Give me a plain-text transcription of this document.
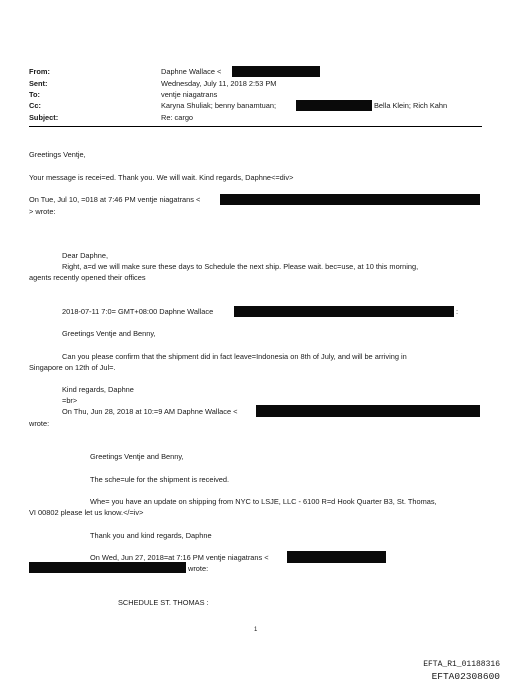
From:
Sent:
To:
Cc:
Subject:
Daphne Wallace <
Wednesday, July 11, 2018 2:53 PM
ventje niagatrans
Karyna Shuliak; benny banamtuan;	Bella Klein; Rich Kahn
Re: cargo
Greetings Ventje,
Your message is recei=ed. Thank you. We will wait. Kind regards, Daphne<=div>
On Tue, Jul 10, =018 at 7:46 PM ventje niagatrans <
> wrote:
Dear Daphne,
Right, a=d we will make sure these days to Schedule the next ship. Please wait. bec=use, at 10 this morning,
agents recently opened their offices
2018-07-11 7:0= GMT+08:00 Daphne Wallace	:
Greetings Ventje and Benny,
Can you please confirm that the shipment did in fact leave=Indonesia on 8th of July, and will be arriving in
Singapore on 12th of Jul=.
Kind regards, Daphne
=br>
On Thu, Jun 28, 2018 at 10:=9 AM Daphne Wallace <
wrote:
Greetings Ventje and Benny,
The sche=ule for the shipment is received.
Whe= you have an update on shipping from NYC to LSJE, LLC - 6100 R=d Hook Quarter B3, St. Thomas,
VI 00802 please let us know.</=iv>
Thank you and kind regards, Daphne
On Wed, Jun 27, 2018=at 7:16 PM ventje niagatrans <
wrote:
SCHEDULE ST. THOMAS :
1
EFTA_R1_01188316
EFTA02308600
